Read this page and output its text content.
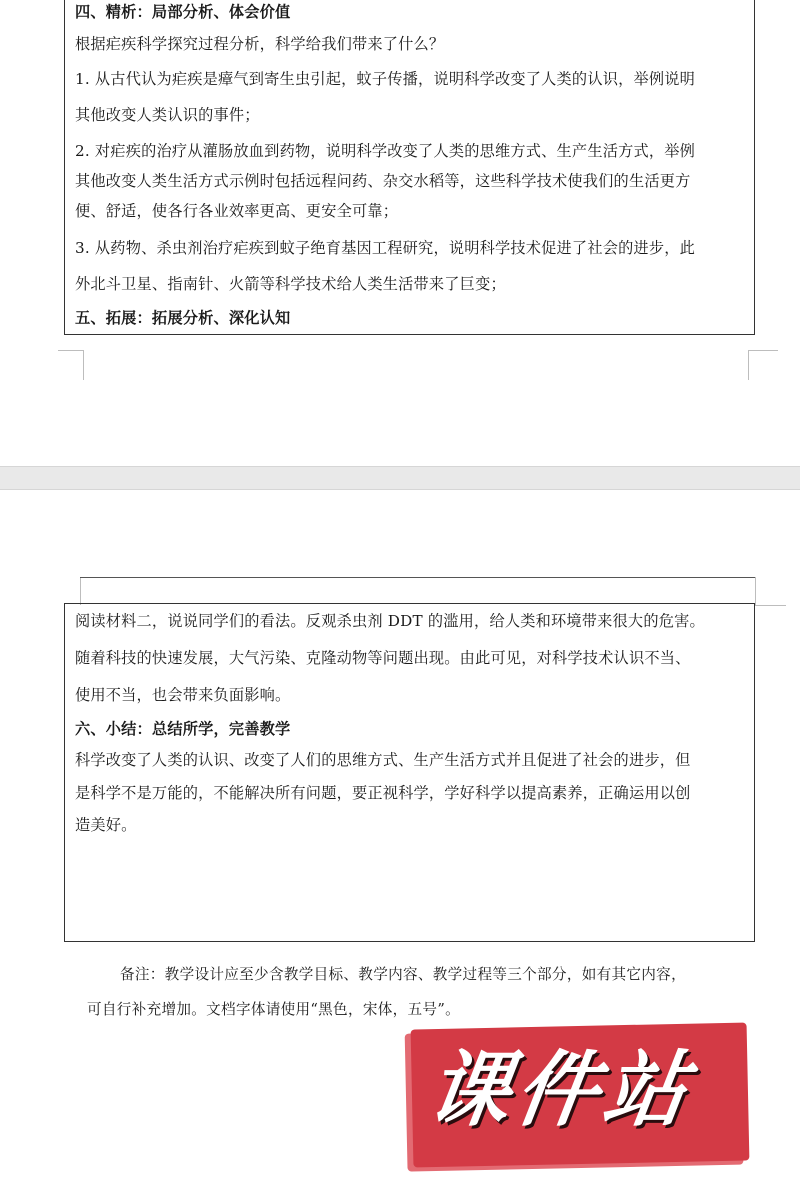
四、精析：局部分析、体会价值
根据疟疾科学探究过程分析，科学给我们带来了什么？
1. 从古代认为疟疾是瘴气到寄生虫引起，蚊子传播，说明科学改变了人类的认识，举例说明
其他改变人类认识的事件；
2. 对疟疾的治疗从灌肠放血到药物，说明科学改变了人类的思维方式、生产生活方式，举例
其他改变人类生活方式示例时包括远程问药、杂交水稻等，这些科学技术使我们的生活更方
便、舒适，使各行各业效率更高、更安全可靠；
3. 从药物、杀虫剂治疗疟疾到蚊子绝育基因工程研究，说明科学技术促进了社会的进步，此
外北斗卫星、指南针、火箭等科学技术给人类生活带来了巨变；
五、拓展：拓展分析、深化认知
阅读材料二，说说同学们的看法。反观杀虫剂 DDT 的滥用，给人类和环境带来很大的危害。
随着科技的快速发展，大气污染、克隆动物等问题出现。由此可见，对科学技术认识不当、
使用不当，也会带来负面影响。
六、小结：总结所学，完善教学
科学改变了人类的认识、改变了人们的思维方式、生产生活方式并且促进了社会的进步，但
是科学不是万能的，不能解决所有问题，要正视科学，学好科学以提高素养，正确运用以创
造美好。
备注：教学设计应至少含教学目标、教学内容、教学过程等三个部分，如有其它内容，
可自行补充增加。文档字体请使用“黑色，宋体，五号”。
课件站
